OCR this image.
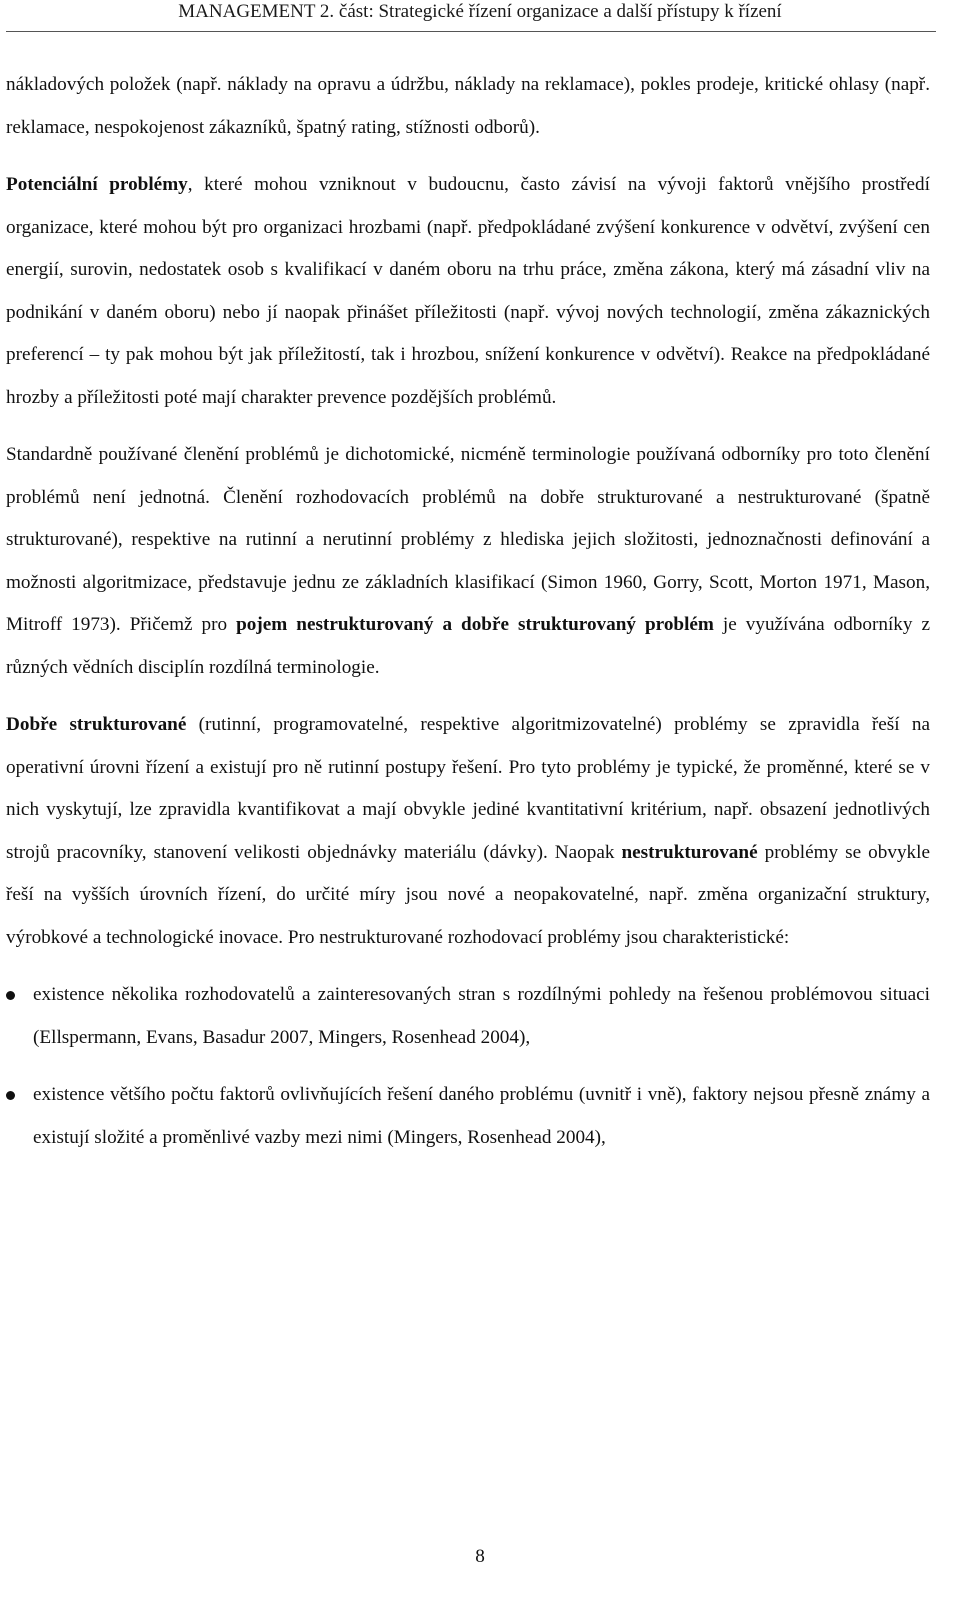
MANAGEMENT 2. část: Strategické řízení organizace a další přístupy k řízení

nákladových položek (např. náklady na opravu a údržbu, náklady na reklamace), pokles prodeje, kritické ohlasy (např. reklamace, nespokojenost zákazníků, špatný rating, stížnosti odborů).

Potenciální problémy, které mohou vzniknout v budoucnu, často závisí na vývoji faktorů vnějšího prostředí organizace, které mohou být pro organizaci hrozbami (např. předpokládané zvýšení konkurence v odvětví, zvýšení cen energií, surovin, nedostatek osob s kvalifikací v daném oboru na trhu práce, změna zákona, který má zásadní vliv na podnikání v daném oboru) nebo jí naopak přinášet příležitosti (např. vývoj nových technologií, změna zákaznických preferencí – ty pak mohou být jak příležitostí, tak i hrozbou, snížení konkurence v odvětví). Reakce na předpokládané hrozby a příležitosti poté mají charakter prevence pozdějších problémů.

Standardně používané členění problémů je dichotomické, nicméně terminologie používaná odborníky pro toto členění problémů není jednotná. Členění rozhodovacích problémů na dobře strukturované a nestrukturované (špatně strukturované), respektive na rutinní a nerutinní problémy z hlediska jejich složitosti, jednoznačnosti definování a možnosti algoritmizace, představuje jednu ze základních klasifikací (Simon 1960, Gorry, Scott, Morton 1971, Mason, Mitroff 1973). Přičemž pro pojem nestrukturovaný a dobře strukturovaný problém je využívána odborníky z různých vědních disciplín rozdílná terminologie.

Dobře strukturované (rutinní, programovatelné, respektive algoritmizovatelné) problémy se zpravidla řeší na operativní úrovni řízení a existují pro ně rutinní postupy řešení. Pro tyto problémy je typické, že proměnné, které se v nich vyskytují, lze zpravidla kvantifikovat a mají obvykle jediné kvantitativní kritérium, např. obsazení jednotlivých strojů pracovníky, stanovení velikosti objednávky materiálu (dávky). Naopak nestrukturované problémy se obvykle řeší na vyšších úrovních řízení, do určité míry jsou nové a neopakovatelné, např. změna organizační struktury, výrobkové a technologické inovace. Pro nestrukturované rozhodovací problémy jsou charakteristické:

existence několika rozhodovatelů a zainteresovaných stran s rozdílnými pohledy na řešenou problémovou situaci (Ellspermann, Evans, Basadur 2007, Mingers, Rosenhead 2004),
existence většího počtu faktorů ovlivňujících řešení daného problému (uvnitř i vně), faktory nejsou přesně známy a existují složité a proměnlivé vazby mezi nimi (Mingers, Rosenhead 2004),
8
